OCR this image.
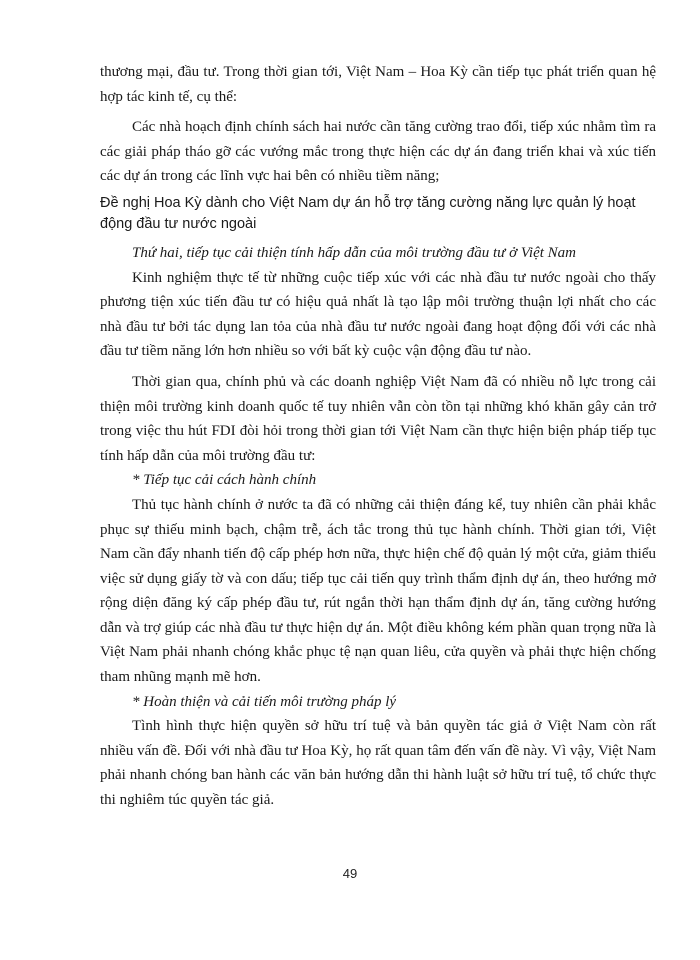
thương mại, đầu tư. Trong thời gian tới, Việt Nam – Hoa Kỳ cần tiếp tục phát triển quan hệ hợp tác kinh tế, cụ thể:

Các nhà hoạch định chính sách hai nước cần tăng cường trao đổi, tiếp xúc nhằm tìm ra các giải pháp tháo gỡ các vướng mắc trong thực hiện các dự án đang triển khai và xúc tiến các dự án trong các lĩnh vực hai bên có nhiều tiềm năng;

Đề nghị Hoa Kỳ dành cho Việt Nam dự án hỗ trợ tăng cường năng lực quản lý hoạt động đầu tư nước ngoài

Thứ hai, tiếp tục cải thiện tính hấp dẫn của môi trường đầu tư ở Việt Nam

Kinh nghiệm thực tế từ những cuộc tiếp xúc với các nhà đầu tư nước ngoài cho thấy phương tiện xúc tiến đầu tư có hiệu quả nhất là tạo lập môi trường thuận lợi nhất cho các nhà đầu tư bởi tác dụng lan tỏa của nhà đầu tư nước ngoài đang hoạt động đối với các nhà đầu tư tiềm năng lớn hơn nhiều so với bất kỳ cuộc vận động đầu tư nào.

Thời gian qua, chính phủ và các doanh nghiệp Việt Nam đã có nhiều nỗ lực trong cải thiện môi trường kinh doanh quốc tế tuy nhiên vẫn còn tồn tại những khó khăn gây cản trở trong việc thu hút FDI đòi hỏi trong thời gian tới Việt Nam cần thực hiện biện pháp tiếp tục tính hấp dẫn của môi trường đầu tư:

* Tiếp tục cải cách hành chính

Thủ tục hành chính ở nước ta đã có những cải thiện đáng kể, tuy nhiên cần phải khắc phục sự thiếu minh bạch, chậm trễ, ách tắc trong thủ tục hành chính. Thời gian tới, Việt Nam cần đẩy nhanh tiến độ cấp phép hơn nữa, thực hiện chế độ quản lý một cửa, giảm thiểu việc sử dụng giấy tờ và con dấu; tiếp tục cải tiến quy trình thẩm định dự án, theo hướng mở rộng diện đăng ký cấp phép đầu tư, rút ngắn thời hạn thẩm định dự án, tăng cường hướng dẫn và trợ giúp các nhà đầu tư thực hiện dự án. Một điều không kém phần quan trọng nữa là Việt Nam phải nhanh chóng khắc phục tệ nạn quan liêu, cửa quyền và phải thực hiện chống tham nhũng mạnh mẽ hơn.

* Hoàn thiện và cải tiến môi trường pháp lý

Tình hình thực hiện quyền sở hữu trí tuệ và bản quyền tác giả ở Việt Nam còn rất nhiều vấn đề. Đối với nhà đầu tư Hoa Kỳ, họ rất quan tâm đến vấn đề này. Vì vậy, Việt Nam phải nhanh chóng ban hành các văn bản hướng dẫn thi hành luật sở hữu trí tuệ, tổ chức thực thi nghiêm túc quyền tác giả.

49
